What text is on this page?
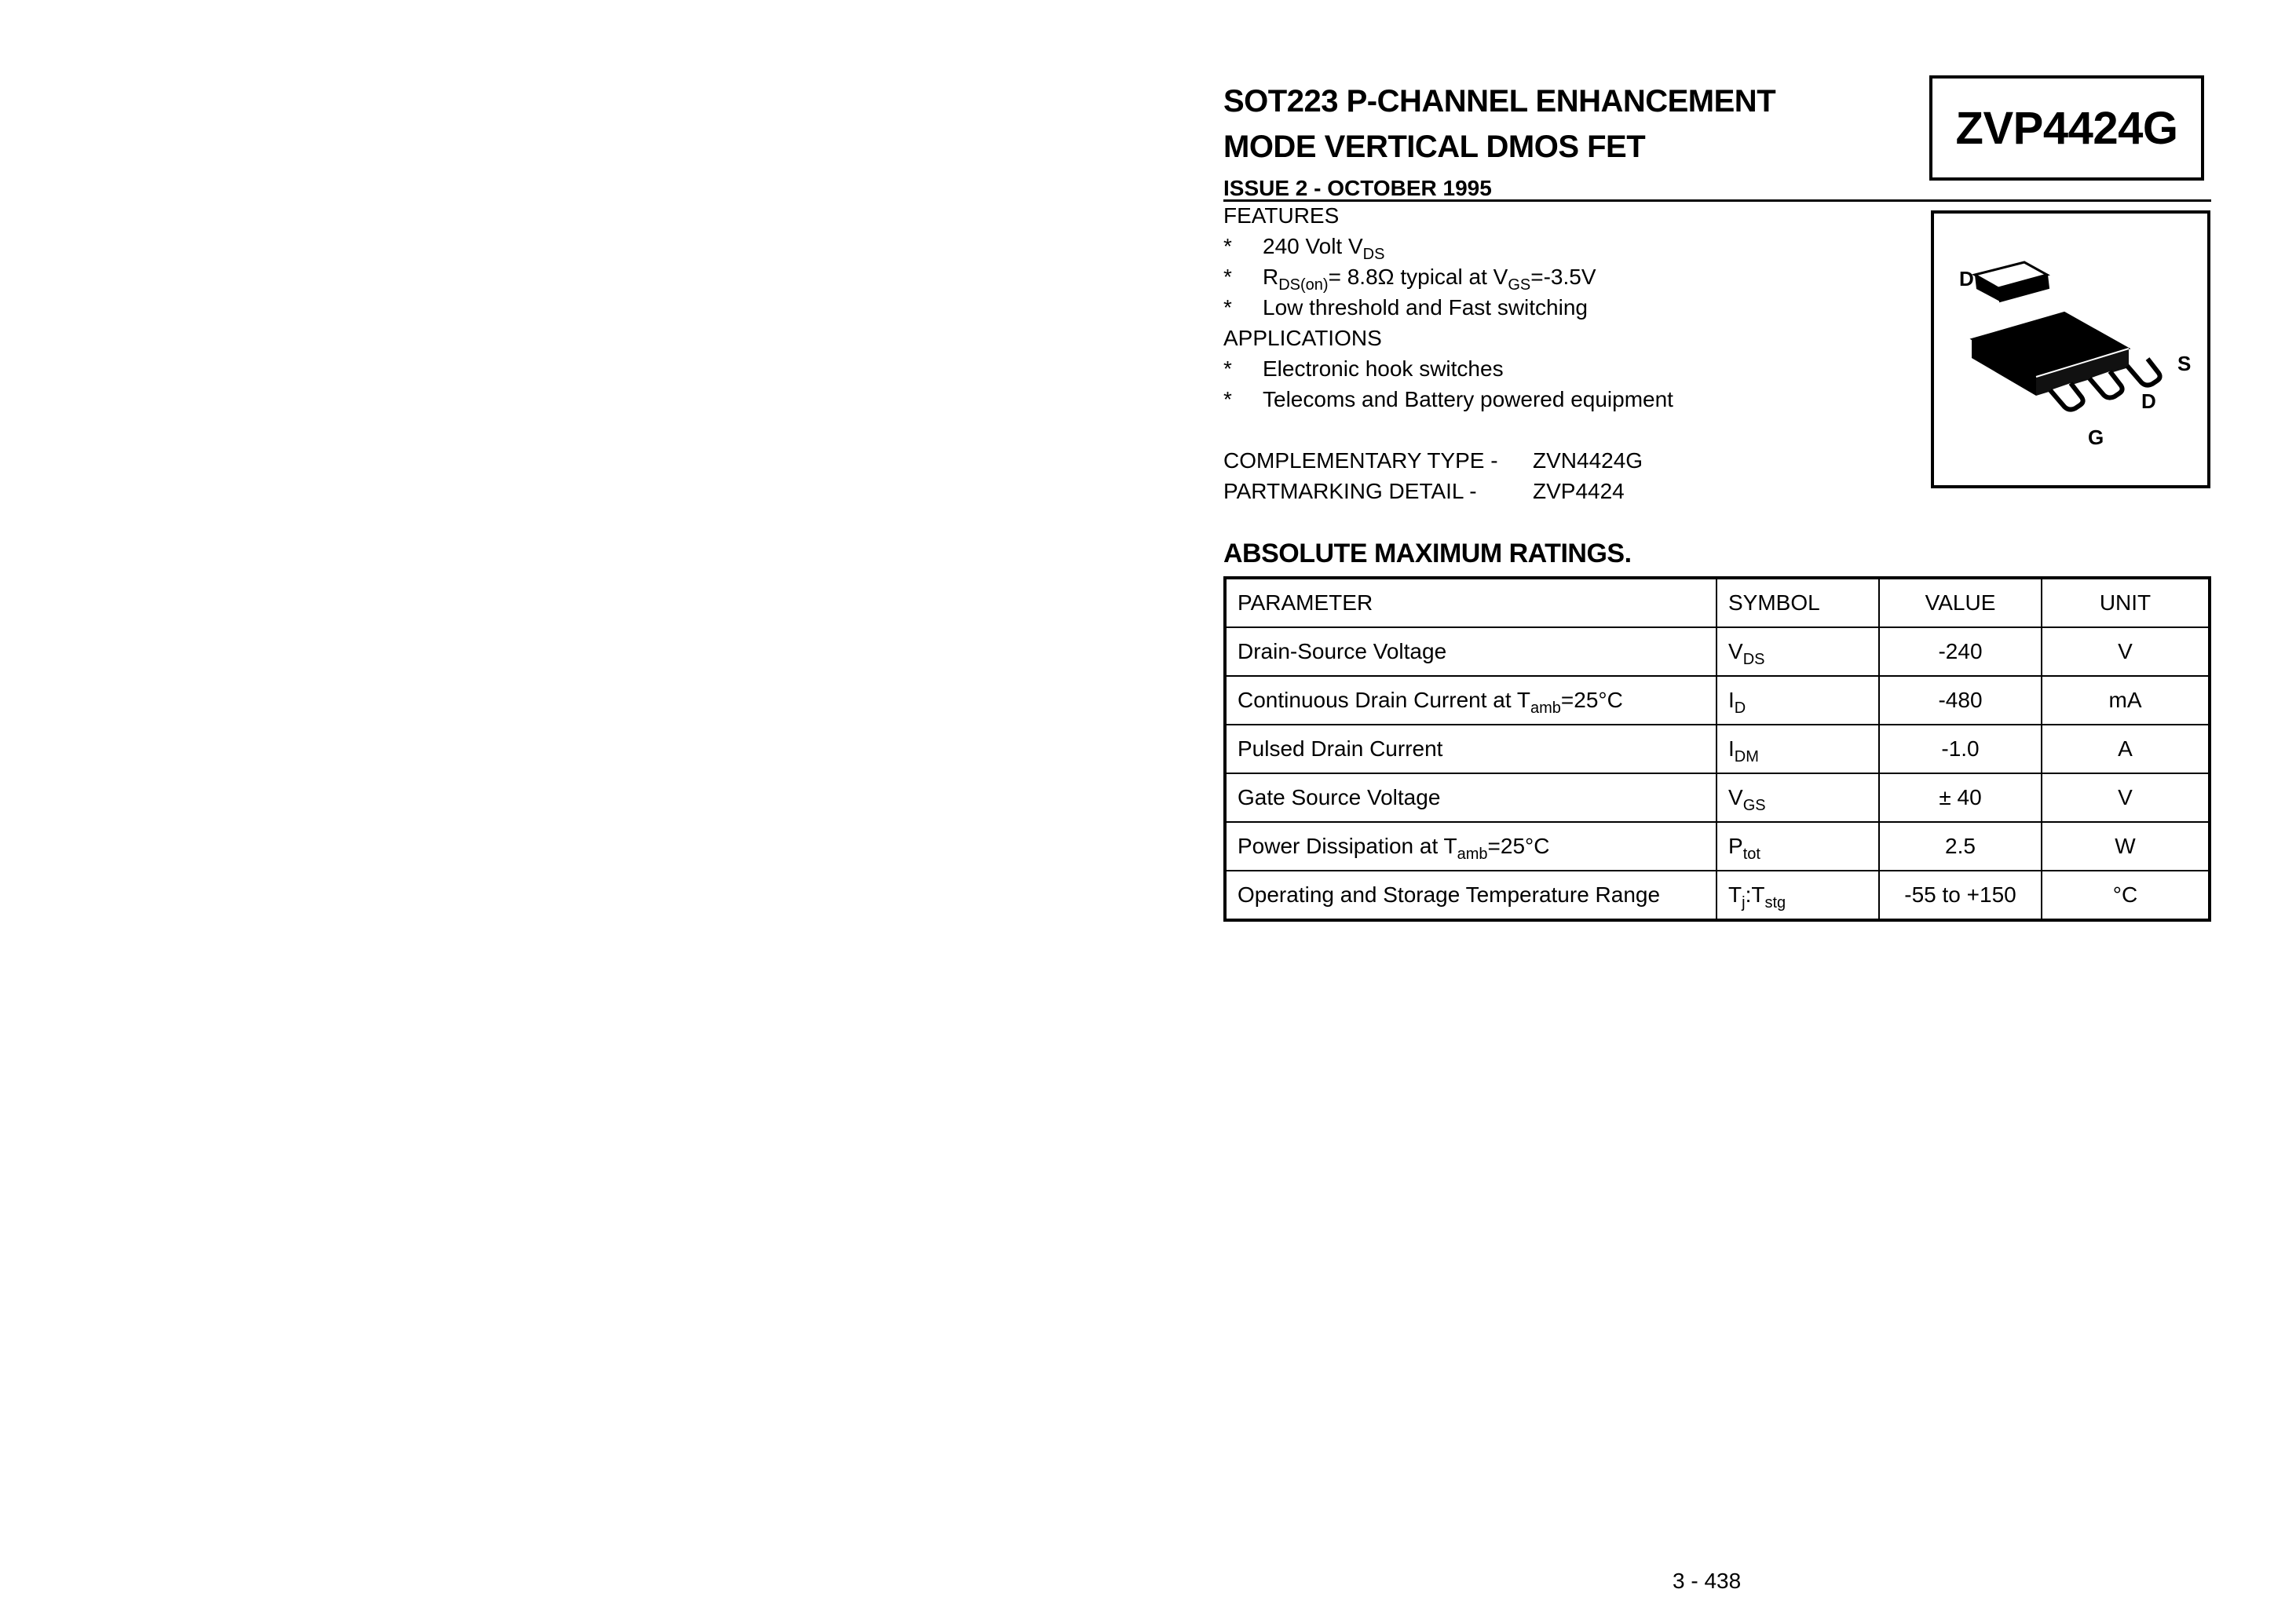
SOT223 P-CHANNEL ENHANCEMENT
MODE VERTICAL DMOS FET	ZVP4424G
ISSUE 2 - OCTOBER 1995
FEATURES
* 240 Volt $V_{DS}$
* $R_{DS(on)}= 8.8\Omega$ typical at $V_{GS}=-3.5V$
* Low threshold and Fast switching
APPLICATIONS
* Electronic hook switches
* Telecoms and Battery powered equipment
COMPLEMENTARY TYPE - ZVN4424G
PARTMARKING DETAIL -	ZVP4424
D
S
D
G
ABSOLUTE MAXIMUM RATINGS.
PARAMETER	SYMBOL	VALUE	UNIT
Drain-Source Voltage	$V_{DS}$	-240	V
Continuous Drain Current at $T_{amb}=25^\circ C$	$I_D$	-480	mA
Pulsed Drain Current	$I_{DM}$	-1.0	A
Gate Source Voltage	$V_{GS}$	± 40	V
Power Dissipation at $T_{amb}=25^\circ C$	$P_{tot}$	2.5	W
Operating and Storage Temperature Range	$T_j:T_{stg}$	-55 to +150	°C
3 - 438
